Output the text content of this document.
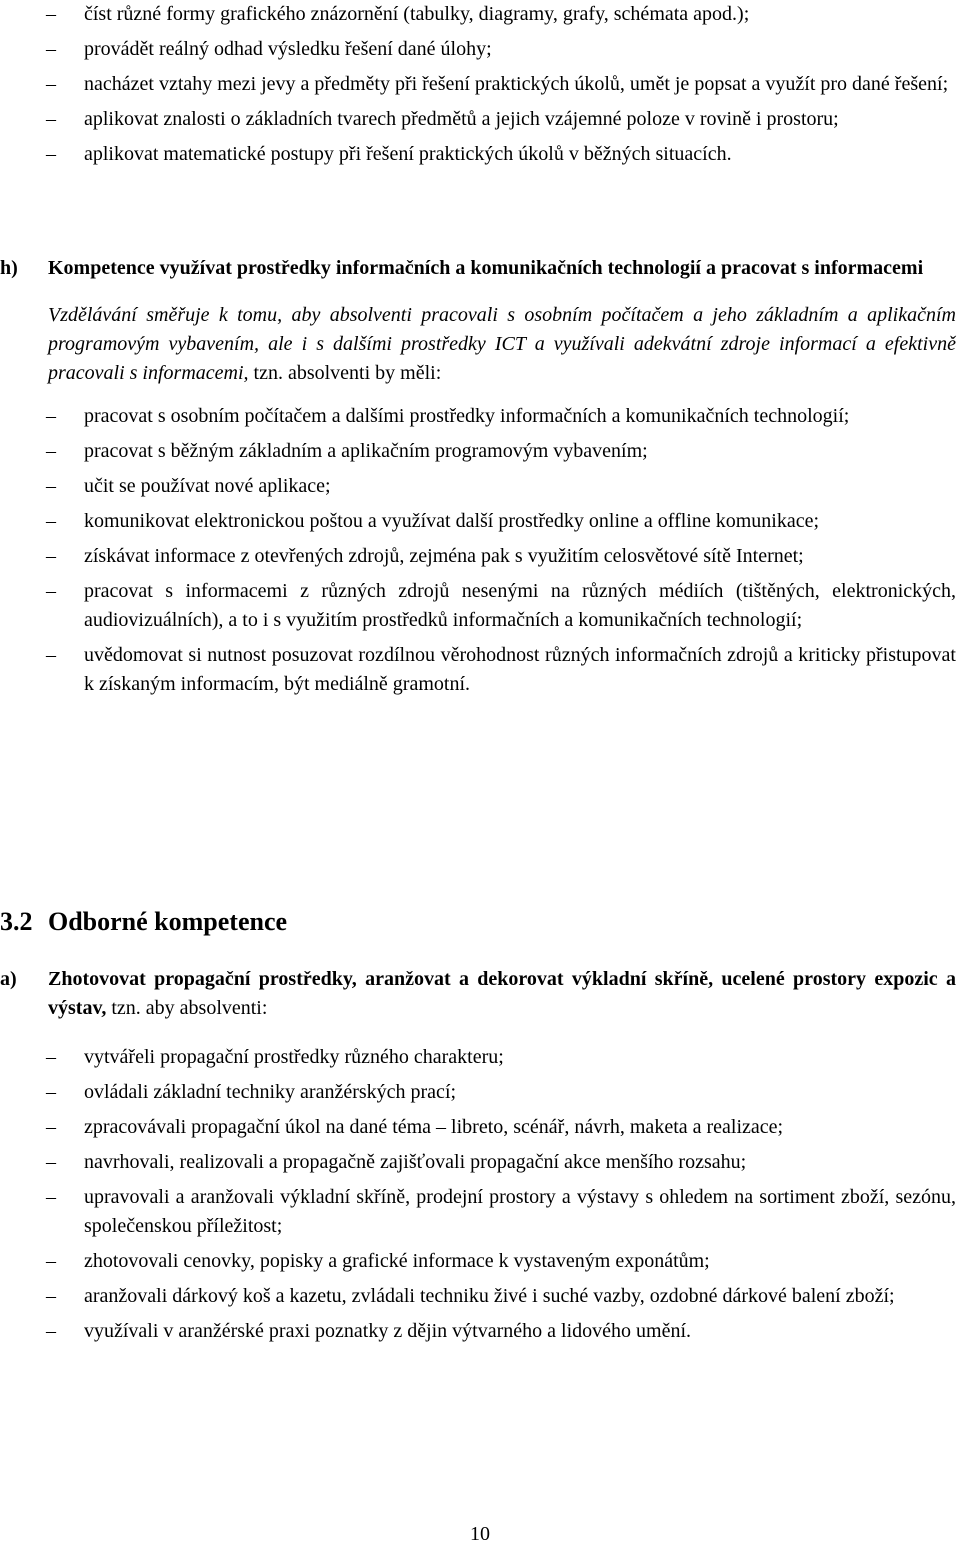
– číst různé formy grafického znázornění (tabulky, diagramy, grafy, schémata apod.);
– provádět reálný odhad výsledku řešení dané úlohy;
– nacházet vztahy mezi jevy a předměty při řešení praktických úkolů, umět je popsat a využít pro dané řešení;
– aplikovat znalosti o základních tvarech předmětů a jejich vzájemné poloze v rovině i prostoru;
– aplikovat matematické postupy při řešení praktických úkolů v běžných situacích.
h) Kompetence využívat prostředky informačních a komunikačních technologií a pracovat s informacemi
Vzdělávání směřuje k tomu, aby absolventi pracovali s osobním počítačem a jeho základním a aplikačním programovým vybavením, ale i s dalšími prostředky ICT a využívali adekvátní zdroje informací a efektivně pracovali s informacemi, tzn. absolventi by měli:
– pracovat s osobním počítačem a dalšími prostředky informačních a komunikačních technologií;
– pracovat s běžným základním a aplikačním programovým vybavením;
– učit se používat nové aplikace;
– komunikovat elektronickou poštou a využívat další prostředky online a offline komunikace;
– získávat informace z otevřených zdrojů, zejména pak s využitím celosvětové sítě Internet;
– pracovat s informacemi z různých zdrojů nesenými na různých médiích (tištěných, elektronických, audiovizuálních), a to i s využitím prostředků informačních a komunikačních technologií;
– uvědomovat si nutnost posuzovat rozdílnou věrohodnost různých informačních zdrojů a kriticky přistupovat k získaným informacím, být mediálně gramotní.
3.2 Odborné kompetence
a) Zhotovovat propagační prostředky, aranžovat a dekorovat výkladní skříně, ucelené prostory expozic a výstav, tzn. aby absolventi:
– vytvářeli propagační prostředky různého charakteru;
– ovládali základní techniky aranžérských prací;
– zpracovávali propagační úkol na dané téma – libreto, scénář, návrh, maketa a realizace;
– navrhovali, realizovali a propagačně zajišťovali propagační akce menšího rozsahu;
– upravovali a aranžovali výkladní skříně, prodejní prostory a výstavy s ohledem na sortiment zboží, sezónu, společenskou příležitost;
– zhotovovali cenovky, popisky a grafické informace k vystaveným exponátům;
– aranžovali dárkový koš a kazetu, zvládali techniku živé i suché vazby, ozdobné dárkové balení zboží;
– využívali v aranžérské praxi poznatky z dějin výtvarného a lidového umění.
10
